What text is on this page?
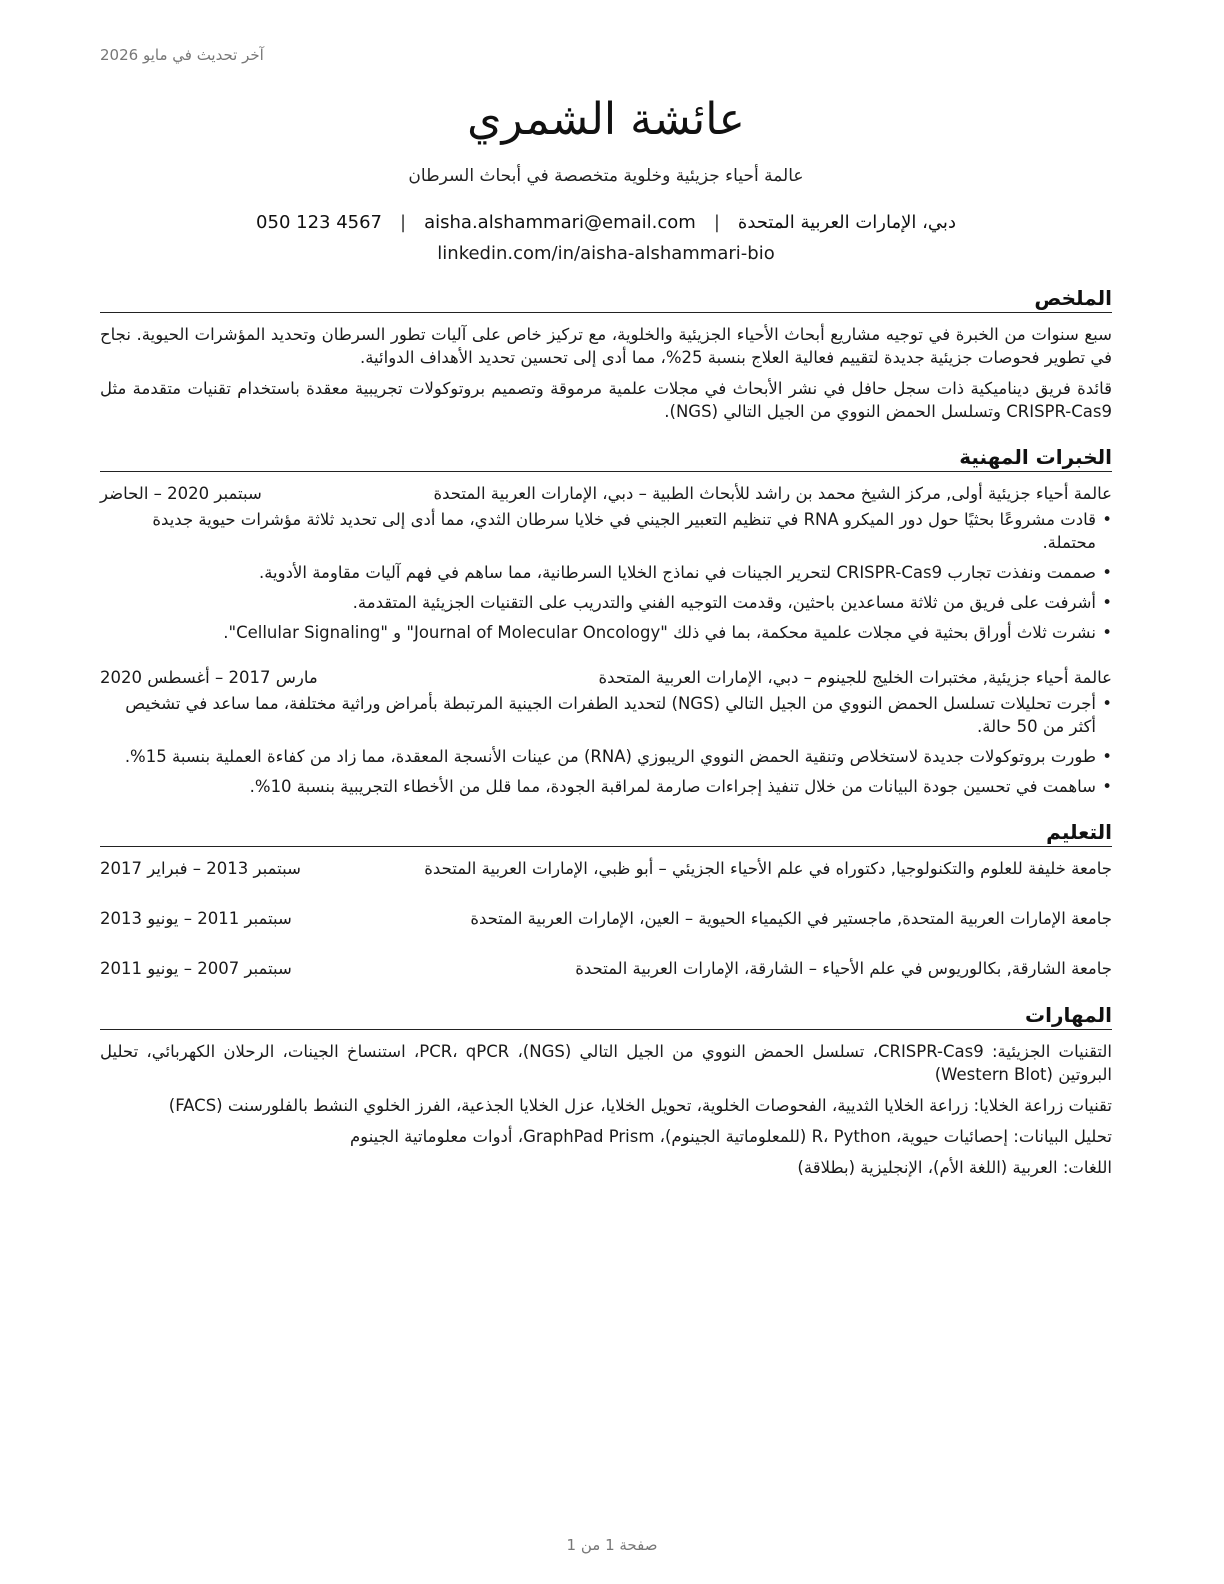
آخر تحديث في مايو 2026
عائشة الشمري
عالمة أحياء جزيئية وخلوية متخصصة في أبحاث السرطان
دبي، الإمارات العربية المتحدة
|
aisha.alshammari@email.com
|
050 123 4567
linkedin.com/in/aisha-alshammari-bio
الملخص

سبع سنوات من الخبرة في توجيه مشاريع أبحاث الأحياء الجزيئية والخلوية، مع تركيز خاص على آليات تطور السرطان وتحديد المؤشرات الحيوية. نجاح في تطوير فحوصات جزيئية جديدة لتقييم فعالية العلاج بنسبة 25%، مما أدى إلى تحسين تحديد الأهداف الدوائية.

قائدة فريق ديناميكية ذات سجل حافل في نشر الأبحاث في مجلات علمية مرموقة وتصميم بروتوكولات تجريبية معقدة باستخدام تقنيات متقدمة مثل CRISPR-Cas9 وتسلسل الحمض النووي من الجيل التالي (NGS).

الخبرات المهنية
عالمة أحياء جزيئية أولى, مركز الشيخ محمد بن راشد للأبحاث الطبية – دبي، الإمارات العربية المتحدة
سبتمبر 2020 – الحاضر
• قادت مشروعًا بحثيًا حول دور الميكرو RNA في تنظيم التعبير الجيني في خلايا سرطان الثدي، مما أدى إلى تحديد ثلاثة مؤشرات حيوية جديدة محتملة.
• صممت ونفذت تجارب CRISPR-Cas9 لتحرير الجينات في نماذج الخلايا السرطانية، مما ساهم في فهم آليات مقاومة الأدوية.
• أشرفت على فريق من ثلاثة مساعدين باحثين، وقدمت التوجيه الفني والتدريب على التقنيات الجزيئية المتقدمة.
• نشرت ثلاث أوراق بحثية في مجلات علمية محكمة، بما في ذلك "Journal of Molecular Oncology" و "Cellular Signaling".
عالمة أحياء جزيئية, مختبرات الخليج للجينوم – دبي، الإمارات العربية المتحدة
مارس 2017 – أغسطس 2020
• أجرت تحليلات تسلسل الحمض النووي من الجيل التالي (NGS) لتحديد الطفرات الجينية المرتبطة بأمراض وراثية مختلفة، مما ساعد في تشخيص أكثر من 50 حالة.
• طورت بروتوكولات جديدة لاستخلاص وتنقية الحمض النووي الريبوزي (RNA) من عينات الأنسجة المعقدة، مما زاد من كفاءة العملية بنسبة 15%.
• ساهمت في تحسين جودة البيانات من خلال تنفيذ إجراءات صارمة لمراقبة الجودة، مما قلل من الأخطاء التجريبية بنسبة 10%.
التعليم
جامعة خليفة للعلوم والتكنولوجيا, دكتوراه في علم الأحياء الجزيئي – أبو ظبي، الإمارات العربية المتحدة
سبتمبر 2013 – فبراير 2017
جامعة الإمارات العربية المتحدة, ماجستير في الكيمياء الحيوية – العين، الإمارات العربية المتحدة
سبتمبر 2011 – يونيو 2013
جامعة الشارقة, بكالوريوس في علم الأحياء – الشارقة، الإمارات العربية المتحدة
سبتمبر 2007 – يونيو 2011
المهارات

التقنيات الجزيئية: CRISPR-Cas9، تسلسل الحمض النووي من الجيل التالي (NGS)، PCR، qPCR، استنساخ الجينات، الرحلان الكهربائي، تحليل البروتين (Western Blot)

تقنيات زراعة الخلايا: زراعة الخلايا الثديية، الفحوصات الخلوية، تحويل الخلايا، عزل الخلايا الجذعية، الفرز الخلوي النشط بالفلورسنت (FACS)

تحليل البيانات: إحصائيات حيوية، R، Python (للمعلوماتية الجينوم)، GraphPad Prism، أدوات معلوماتية الجينوم

اللغات: العربية (اللغة الأم)، الإنجليزية (بطلاقة)

صفحة 1 من 1
